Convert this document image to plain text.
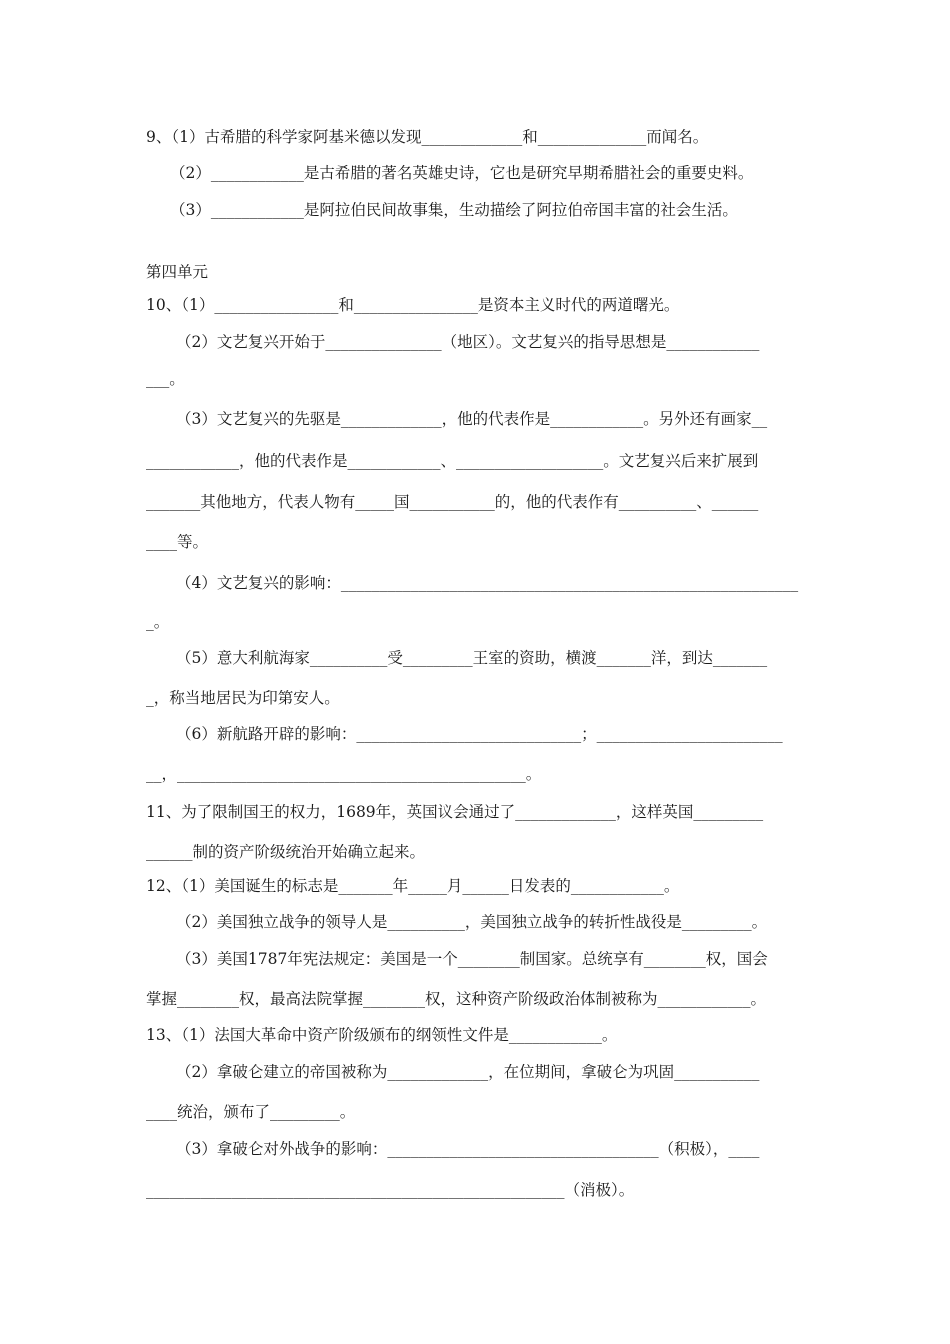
9、（1）古希腊的科学家阿基米德以发现_____________和______________而闻名。
（2）____________是古希腊的著名英雄史诗，它也是研究早期希腊社会的重要史料。
（3）____________是阿拉伯民间故事集，生动描绘了阿拉伯帝国丰富的社会生活。
第四单元
10、（1）________________和________________是资本主义时代的两道曙光。
（2）文艺复兴开始于_______________（地区）。文艺复兴的指导思想是____________
___。
（3）文艺复兴的先驱是_____________，他的代表作是____________。另外还有画家__
____________，他的代表作是____________、___________________。文艺复兴后来扩展到
_______其他地方，代表人物有_____国___________的，他的代表作有__________、______
____等。
（4）文艺复兴的影响：___________________________________________________________
_。
（5）意大利航海家__________受_________王室的资助，横渡_______洋，到达_______
_，称当地居民为印第安人。
（6）新航路开辟的影响：_____________________________；________________________
__，_____________________________________________。
11、为了限制国王的权力，1689年，英国议会通过了_____________，这样英国_________
______制的资产阶级统治开始确立起来。
12、（1）美国诞生的标志是_______年_____月______日发表的____________。
（2）美国独立战争的领导人是__________，美国独立战争的转折性战役是_________。
（3）美国1787年宪法规定：美国是一个________制国家。总统享有________权，国会
掌握________权，最高法院掌握________权，这种资产阶级政治体制被称为____________。
13、（1）法国大革命中资产阶级颁布的纲领性文件是____________。
（2）拿破仑建立的帝国被称为_____________，在位期间，拿破仑为巩固___________
____统治，颁布了_________。
（3）拿破仑对外战争的影响：___________________________________（积极），____
______________________________________________________（消极）。
